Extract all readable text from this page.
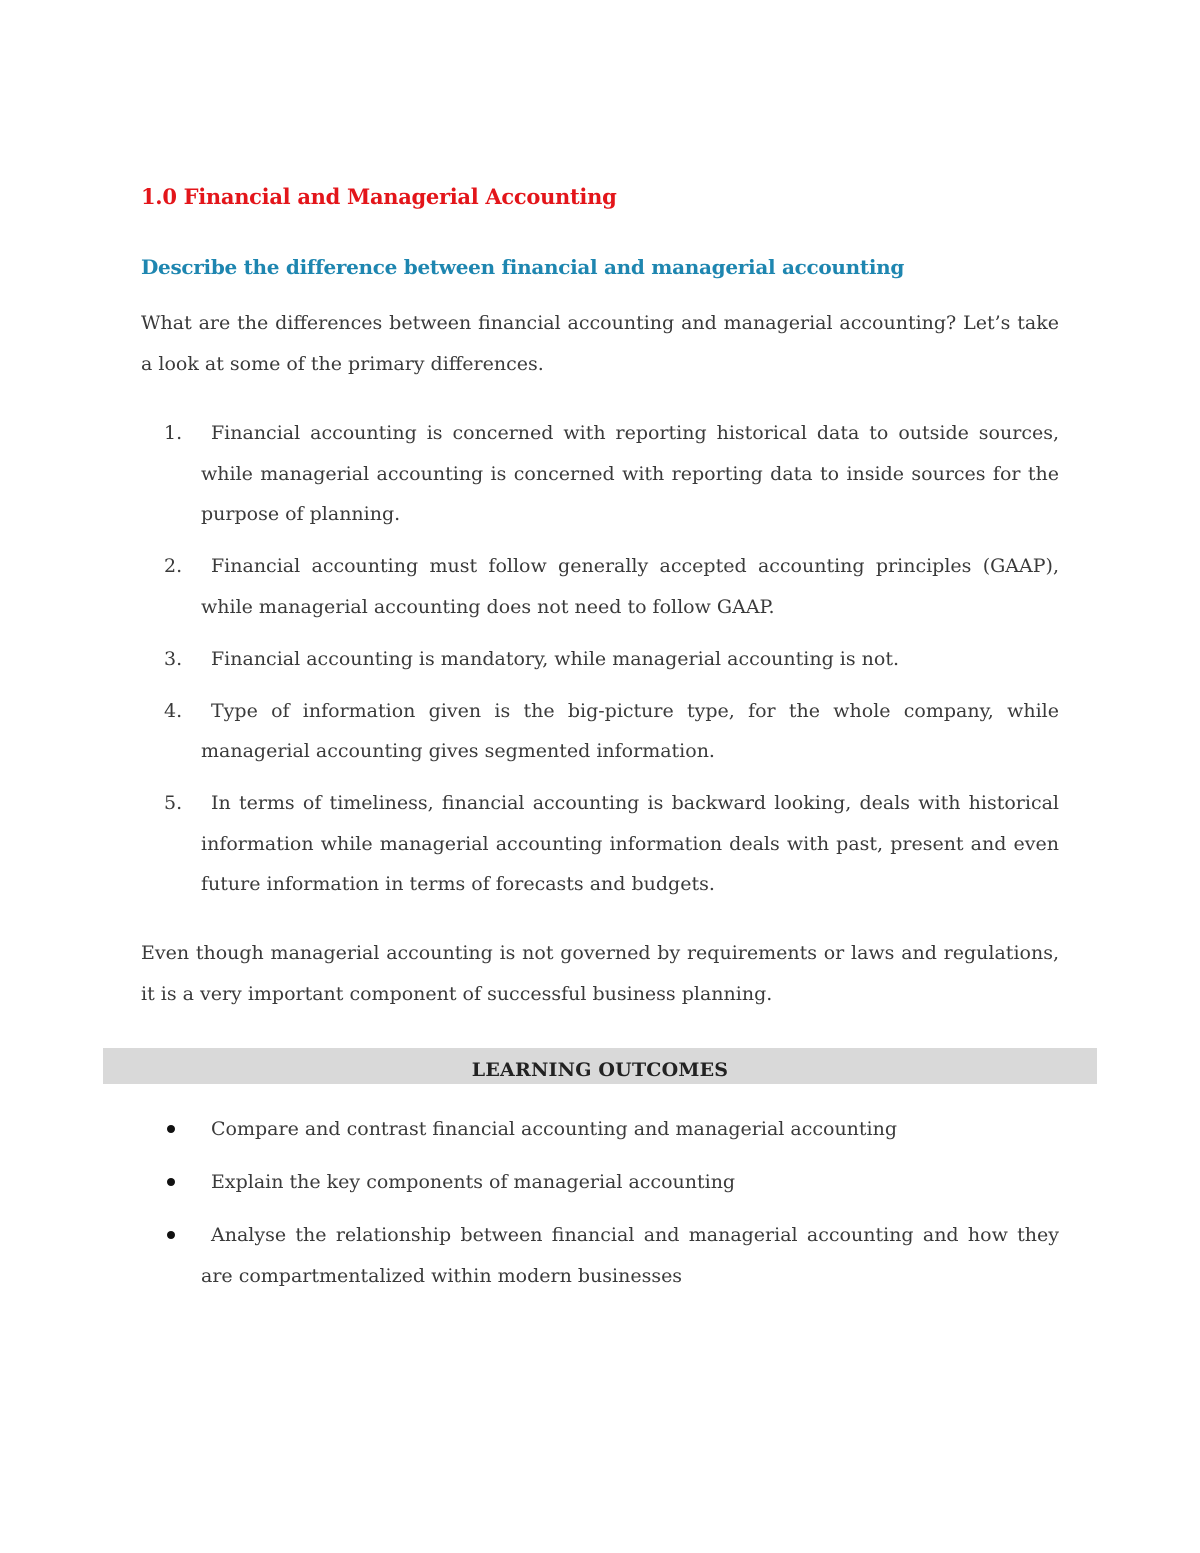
1.0 Financial and Managerial Accounting
Describe the difference between financial and managerial accounting

What are the differences between financial accounting and managerial accounting? Let’s take a look at some of the primary differences.

1.	Financial accounting is concerned with reporting historical data to outside sources, while managerial accounting is concerned with reporting data to inside sources for the purpose of planning.
2.	Financial accounting must follow generally accepted accounting principles (GAAP), while managerial accounting does not need to follow GAAP.
3.	Financial accounting is mandatory, while managerial accounting is not.
4.	Type of information given is the big-picture type, for the whole company, while managerial accounting gives segmented information.
5.	In terms of timeliness, financial accounting is backward looking, deals with historical information while managerial accounting information deals with past, present and even future information in terms of forecasts and budgets.

Even though managerial accounting is not governed by requirements or laws and regulations, it is a very important component of successful business planning.

LEARNING OUTCOMES
Compare and contrast financial accounting and managerial accounting
Explain the key components of managerial accounting
Analyse the relationship between financial and managerial accounting and how they are compartmentalized within modern businesses
